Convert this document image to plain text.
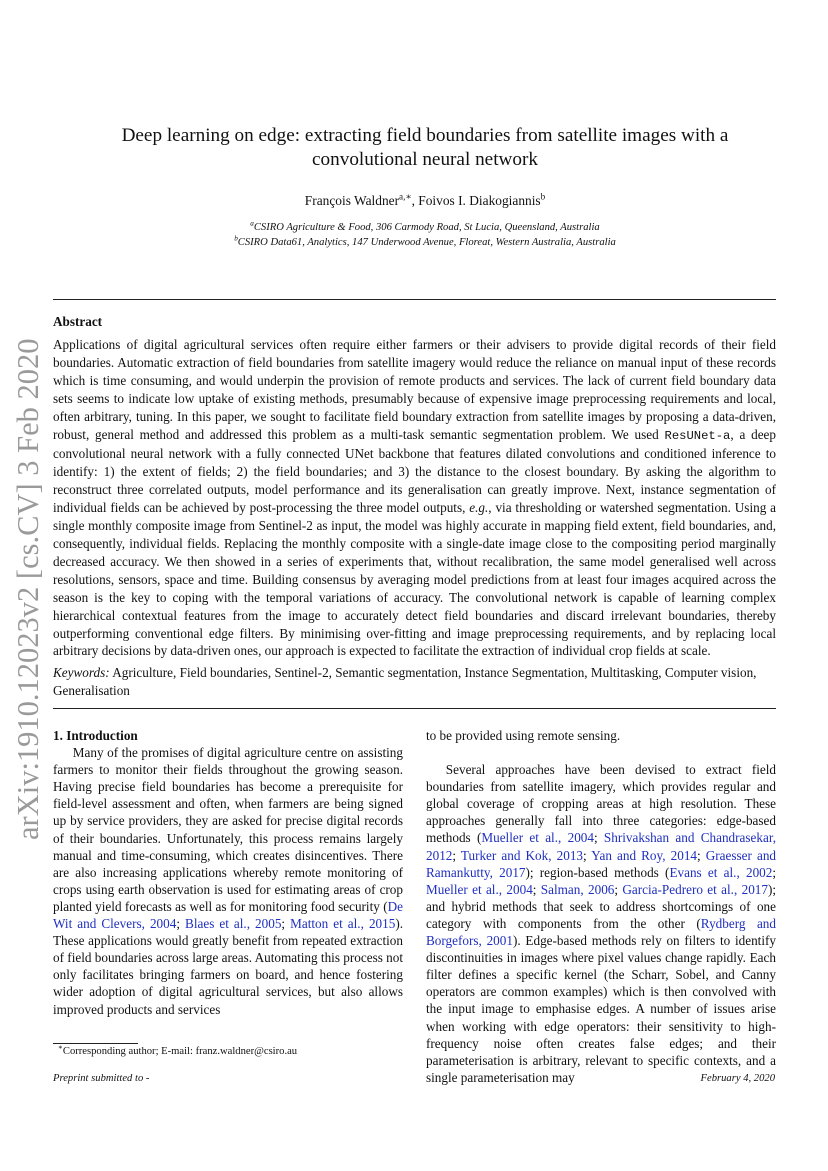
arXiv:1910.12023v2 [cs.CV] 3 Feb 2020
Deep learning on edge: extracting field boundaries from satellite images with a
convolutional neural network
François Waldner$^{a,∗}$, Foivos I. Diakogiannis$^b$
$^a$CSIRO Agriculture & Food, 306 Carmody Road, St Lucia, Queensland, Australia
$^b$CSIRO Data61, Analytics, 147 Underwood Avenue, Floreat, Western Australia, Australia
Abstract

Applications of digital agricultural services often require either farmers or their advisers to provide digital records of their field boundaries. Automatic extraction of field boundaries from satellite imagery would reduce the reliance on manual input of these records which is time consuming, and would underpin the provision of remote products and services. The lack of current field boundary data sets seems to indicate low uptake of existing methods, presumably because of expensive image preprocessing requirements and local, often arbitrary, tuning. In this paper, we sought to facilitate field boundary extraction from satellite images by proposing a data-driven, robust, general method and addressed this problem as a multi-task semantic segmentation problem. We used ResUNet-a, a deep convolutional neural network with a fully connected UNet backbone that features dilated convolutions and conditioned inference to identify: 1) the extent of fields; 2) the field boundaries; and 3) the distance to the closest boundary. By asking the algorithm to reconstruct three correlated outputs, model performance and its generalisation can greatly improve. Next, instance segmentation of individual fields can be achieved by post-processing the three model outputs, e.g., via thresholding or watershed segmentation. Using a single monthly composite image from Sentinel-2 as input, the model was highly accurate in mapping field extent, field boundaries, and, consequently, individual fields. Replacing the monthly composite with a single-date image close to the compositing period marginally decreased accuracy. We then showed in a series of experiments that, without recalibration, the same model generalised well across resolutions, sensors, space and time. Building consensus by averaging model predictions from at least four images acquired across the season is the key to coping with the temporal variations of accuracy. The convolutional network is capable of learning complex hierarchical contextual features from the image to accurately detect field boundaries and discard irrelevant boundaries, thereby outperforming conventional edge filters. By minimising over-fitting and image preprocessing requirements, and by replacing local arbitrary decisions by data-driven ones, our approach is expected to facilitate the extraction of individual crop fields at scale.

Keywords: Agriculture, Field boundaries, Sentinel-2, Semantic segmentation, Instance Segmentation, Multitasking, Computer vision, Generalisation

1. Introduction

Many of the promises of digital agriculture centre on assisting farmers to monitor their fields throughout the growing season. Having precise field boundaries has become a prerequisite for field-level assessment and often, when farmers are being signed up by service providers, they are asked for precise digital records of their boundaries. Unfortunately, this process remains largely manual and time-consuming, which creates disincentives. There are also increasing applications whereby remote monitoring of crops using earth observation is used for estimating areas of crop planted yield forecasts as well as for monitoring food security (De Wit and Clevers, 2004; Blaes et al., 2005; Matton et al., 2015). These applications would greatly benefit from repeated extraction of field boundaries across large areas. Automating this process not only facilitates bringing farmers on board, and hence fostering wider adoption of digital agricultural services, but also allows improved products and services

to be provided using remote sensing.

Several approaches have been devised to extract field boundaries from satellite imagery, which provides regular and global coverage of cropping areas at high resolution. These approaches generally fall into three categories: edge-based methods (Mueller et al., 2004; Shrivakshan and Chandrasekar, 2012; Turker and Kok, 2013; Yan and Roy, 2014; Graesser and Ramankutty, 2017); region-based methods (Evans et al., 2002; Mueller et al., 2004; Salman, 2006; Garcia-Pedrero et al., 2017); and hybrid methods that seek to address shortcomings of one category with components from the other (Rydberg and Borgefors, 2001). Edge-based methods rely on filters to identify discontinuities in images where pixel values change rapidly. Each filter defines a specific kernel (the Scharr, Sobel, and Canny operators are common examples) which is then convolved with the input image to emphasise edges. A number of issues arise when working with edge operators: their sensitivity to high-frequency noise often creates false edges; and their parameterisation is arbitrary, relevant to specific contexts, and a single parameterisation may

∗Corresponding author; E-mail: franz.waldner@csiro.au
Preprint submitted to -	February 4, 2020
